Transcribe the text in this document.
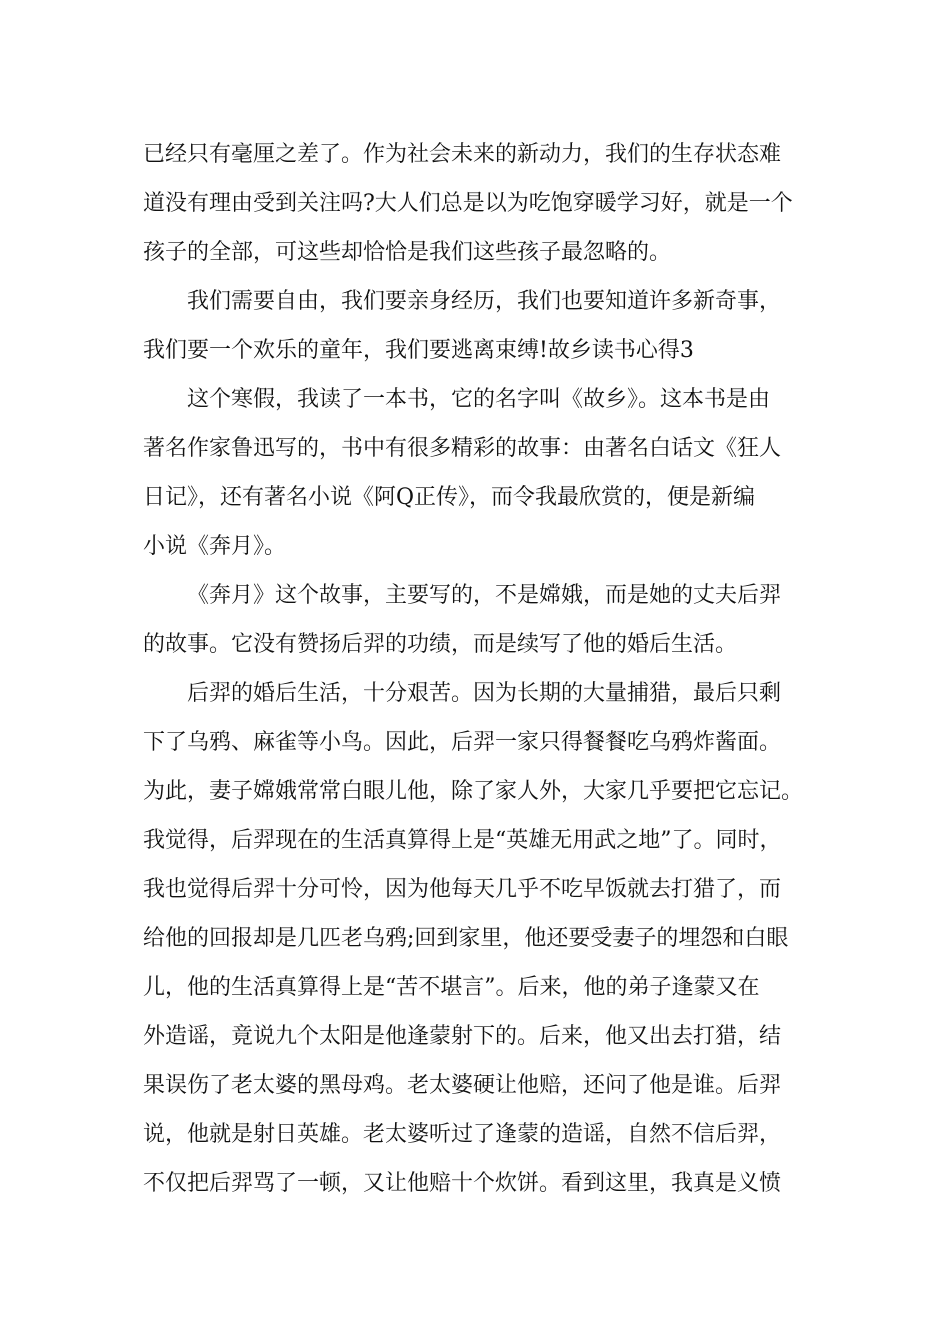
已经只有毫厘之差了。作为社会未来的新动力，我们的生存状态难
道没有理由受到关注吗?大人们总是以为吃饱穿暖学习好，就是一个
孩子的全部，可这些却恰恰是我们这些孩子最忽略的。
我们需要自由，我们要亲身经历，我们也要知道许多新奇事，
我们要一个欢乐的童年，我们要逃离束缚!故乡读书心得3
这个寒假，我读了一本书，它的名字叫《故乡》。这本书是由
著名作家鲁迅写的，书中有很多精彩的故事：由著名白话文《狂人
日记》，还有著名小说《阿Q正传》，而令我最欣赏的，便是新编
小说《奔月》。
《奔月》这个故事，主要写的，不是嫦娥，而是她的丈夫后羿
的故事。它没有赞扬后羿的功绩，而是续写了他的婚后生活。
后羿的婚后生活，十分艰苦。因为长期的大量捕猎，最后只剩
下了乌鸦、麻雀等小鸟。因此，后羿一家只得餐餐吃乌鸦炸酱面。
为此，妻子嫦娥常常白眼儿他，除了家人外，大家几乎要把它忘记。
我觉得，后羿现在的生活真算得上是“英雄无用武之地”了。同时，
我也觉得后羿十分可怜，因为他每天几乎不吃早饭就去打猎了，而
给他的回报却是几匹老乌鸦;回到家里，他还要受妻子的埋怨和白眼
儿，他的生活真算得上是“苦不堪言”。后来，他的弟子逢蒙又在
外造谣，竟说九个太阳是他逢蒙射下的。后来，他又出去打猎，结
果误伤了老太婆的黑母鸡。老太婆硬让他赔，还问了他是谁。后羿
说，他就是射日英雄。老太婆听过了逢蒙的造谣，自然不信后羿，
不仅把后羿骂了一顿，又让他赔十个炊饼。看到这里，我真是义愤
